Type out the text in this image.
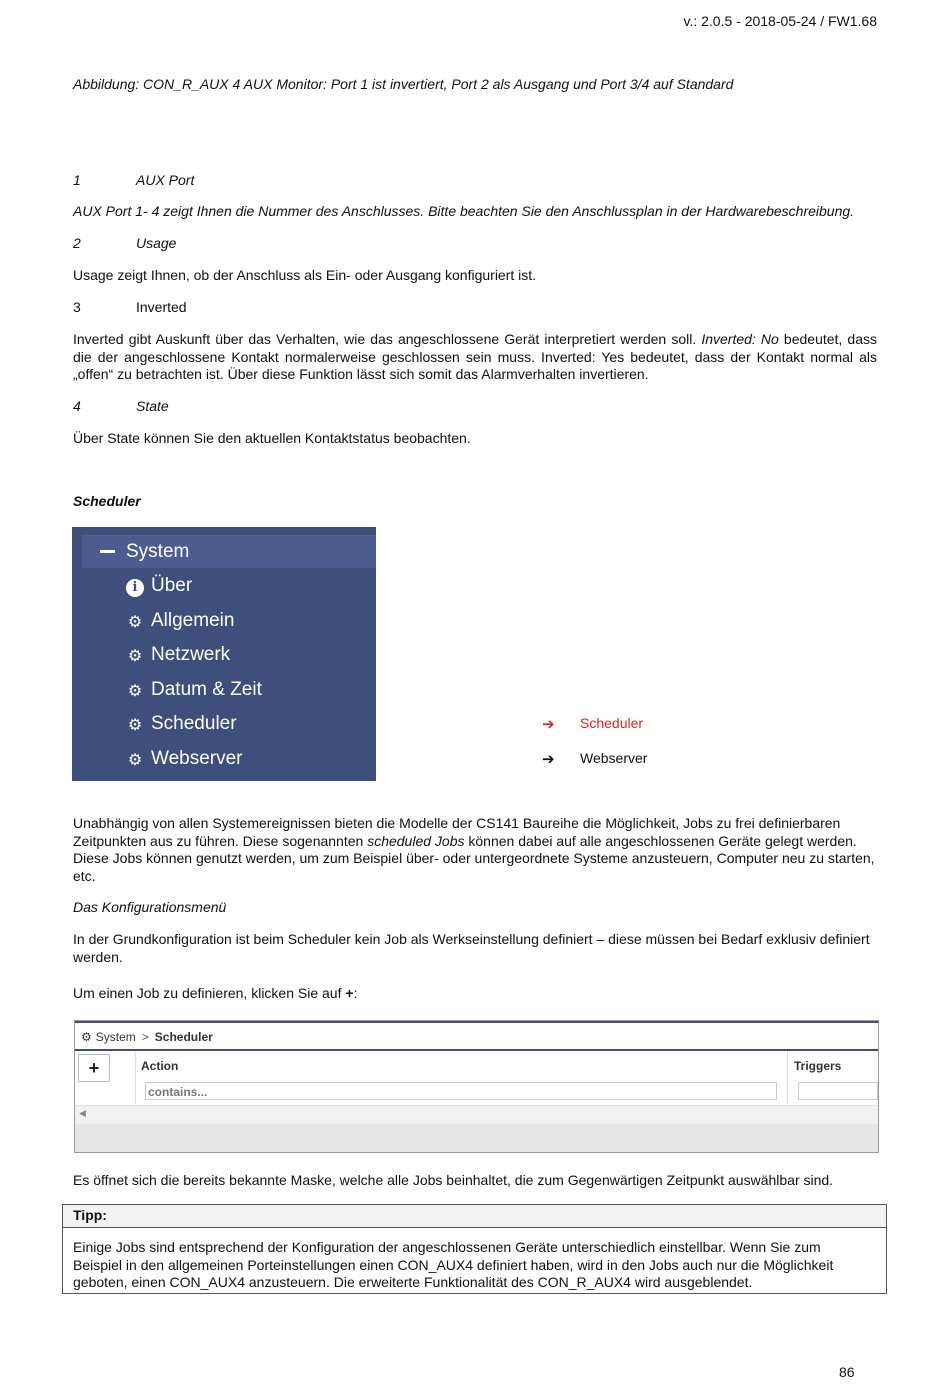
v.: 2.0.5 - 2018-05-24 / FW1.68
Abbildung: CON_R_AUX 4 AUX Monitor: Port 1 ist invertiert, Port 2 als Ausgang und Port 3/4 auf Standard
1	AUX Port
AUX Port 1- 4 zeigt Ihnen die Nummer des Anschlusses. Bitte beachten Sie den Anschlussplan in der Hardwarebeschreibung.
2	Usage
Usage zeigt Ihnen, ob der Anschluss als Ein- oder Ausgang konfiguriert ist.
3	Inverted
Inverted gibt Auskunft über das Verhalten, wie das angeschlossene Gerät interpretiert werden soll. Inverted: No bedeutet, dass die der angeschlossene Kontakt normalerweise geschlossen sein muss. Inverted: Yes bedeutet, dass der Kontakt normal als „offen“ zu betrachten ist. Über diese Funktion lässt sich somit das Alarmverhalten invertieren.
4	State
Über State können Sie den aktuellen Kontaktstatus beobachten.
Scheduler
System
i Über
⚙ Allgemein
⚙ Netzwerk
⚙ Datum & Zeit
⚙ Scheduler
⚙ Webserver
➔ Scheduler
➔ Webserver
Unabhängig von allen Systemereignissen bieten die Modelle der CS141 Baureihe die Möglichkeit, Jobs zu frei definierbaren Zeitpunkten aus zu führen. Diese sogenannten scheduled Jobs können dabei auf alle angeschlossenen Geräte gelegt werden. Diese Jobs können genutzt werden, um zum Beispiel über- oder untergeordnete Systeme anzusteuern, Computer neu zu starten, etc.
Das Konfigurationsmenü
In der Grundkonfiguration ist beim Scheduler kein Job als Werkseinstellung definiert – diese müssen bei Bedarf exklusiv definiert werden.
Um einen Job zu definieren, klicken Sie auf +:
⚙ System > Scheduler
+	Action	Triggers
contains...
◀
Es öffnet sich die bereits bekannte Maske, welche alle Jobs beinhaltet, die zum Gegenwärtigen Zeitpunkt auswählbar sind.
Tipp:
Einige Jobs sind entsprechend der Konfiguration der angeschlossenen Geräte unterschiedlich einstellbar. Wenn Sie zum Beispiel in den allgemeinen Porteinstellungen einen CON_AUX4 definiert haben, wird in den Jobs auch nur die Möglichkeit geboten, einen CON_AUX4 anzusteuern. Die erweiterte Funktionalität des CON_R_AUX4 wird ausgeblendet.
86
